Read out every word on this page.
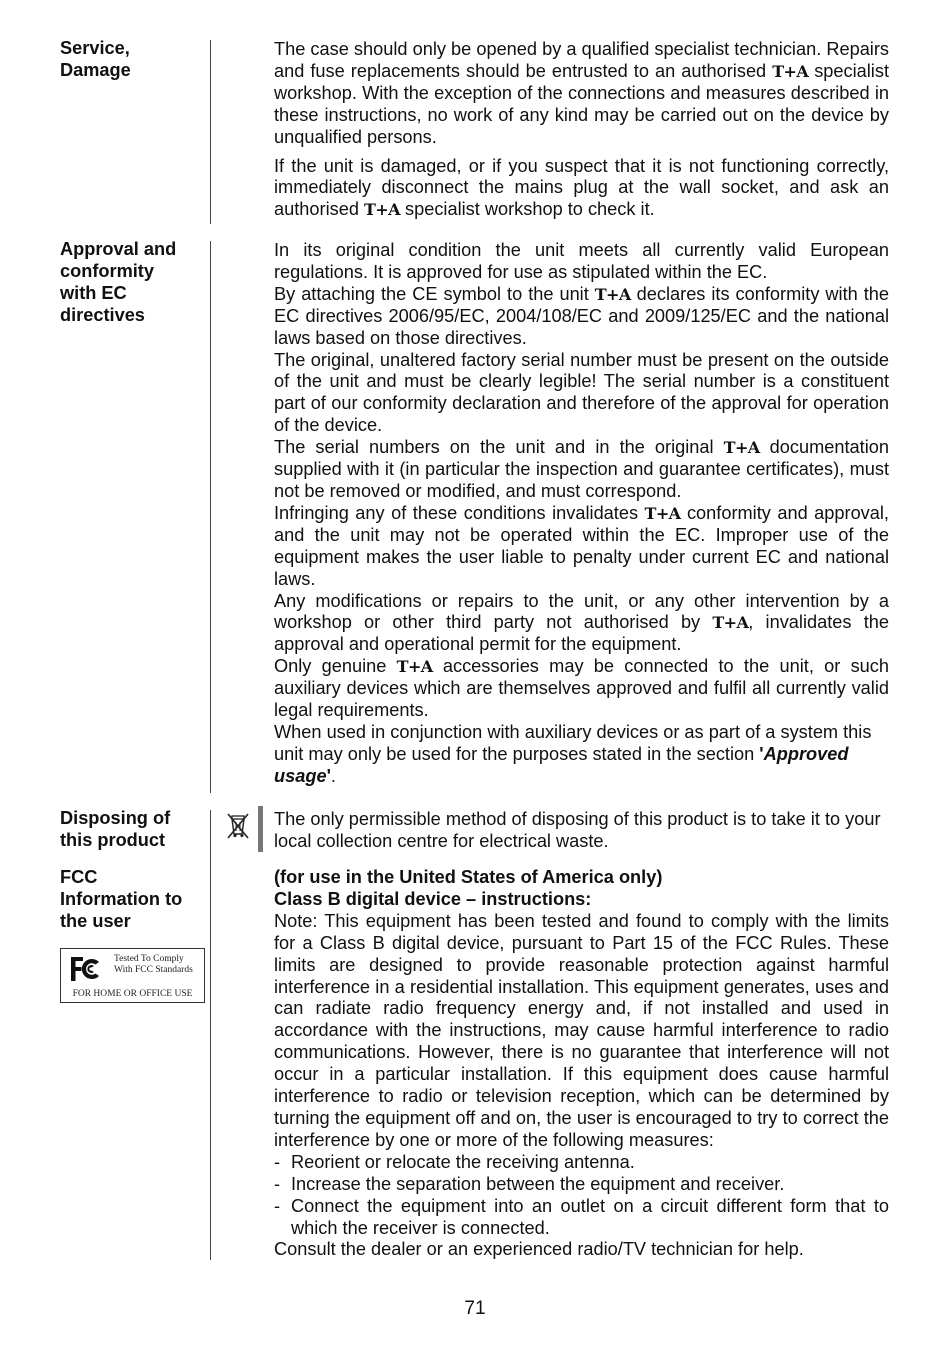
Service,
Damage

The case should only be opened by a qualified specialist technician. Repairs and fuse replacements should be entrusted to an authorised T+A specialist workshop. With the exception of the connections and measures described in these instructions, no work of any kind may be carried out on the device by unqualified persons.

If the unit is damaged, or if you suspect that it is not functioning correctly, immediately disconnect the mains plug at the wall socket, and ask an authorised T+A specialist workshop to check it.

Approval and
conformity
with EC
directives

In its original condition the unit meets all currently valid European regulations. It is approved for use as stipulated within the EC.

By attaching the CE symbol to the unit T+A declares its conformity with the EC directives 2006/95/EC, 2004/108/EC and 2009/125/EC and the national laws based on those directives.

The original, unaltered factory serial number must be present on the outside of the unit and must be clearly legible! The serial number is a constituent part of our conformity declaration and therefore of the approval for operation of the device.

The serial numbers on the unit and in the original T+A documentation supplied with it (in particular the inspection and guarantee certificates), must not be removed or modified, and must correspond.

Infringing any of these conditions invalidates T+A conformity and approval, and the unit may not be operated within the EC. Improper use of the equipment makes the user liable to penalty under current EC and national laws.

Any modifications or repairs to the unit, or any other intervention by a workshop or other third party not authorised by T+A , invalidates the approval and operational permit for the equipment.

Only genuine T+A accessories may be connected to the unit, or such auxiliary devices which are themselves approved and fulfil all currently valid legal requirements.

When used in conjunction with auxiliary devices or as part of a system this unit may only be used for the purposes stated in the section 'Approved usage'.

Disposing of
this product
The only permissible method of disposing of this product is to take it to your local collection centre for electrical waste.
FCC
Information to
the user
Tested To Comply
With FCC Standards
FOR HOME OR OFFICE USE

(for use in the United States of America only)

Class B digital device – instructions:

Note: This equipment has been tested and found to comply with the limits for a Class B digital device, pursuant to Part 15 of the FCC Rules. These limits are designed to provide reasonable protection against harmful interference in a residential installation. This equipment generates, uses and can radiate radio frequency energy and, if not installed and used in accordance with the instructions, may cause harmful interference to radio communications. However, there is no guarantee that interference will not occur in a particular installation. If this equipment does cause harmful interference to radio or television reception, which can be determined by turning the equipment off and on, the user is encouraged to try to correct the interference by one or more of the following measures:

- Reorient or relocate the receiving antenna.
- Increase the separation between the equipment and receiver.
- Connect the equipment into an outlet on a circuit different form that to which the receiver is connected.

Consult the dealer or an experienced radio/TV technician for help.

71
